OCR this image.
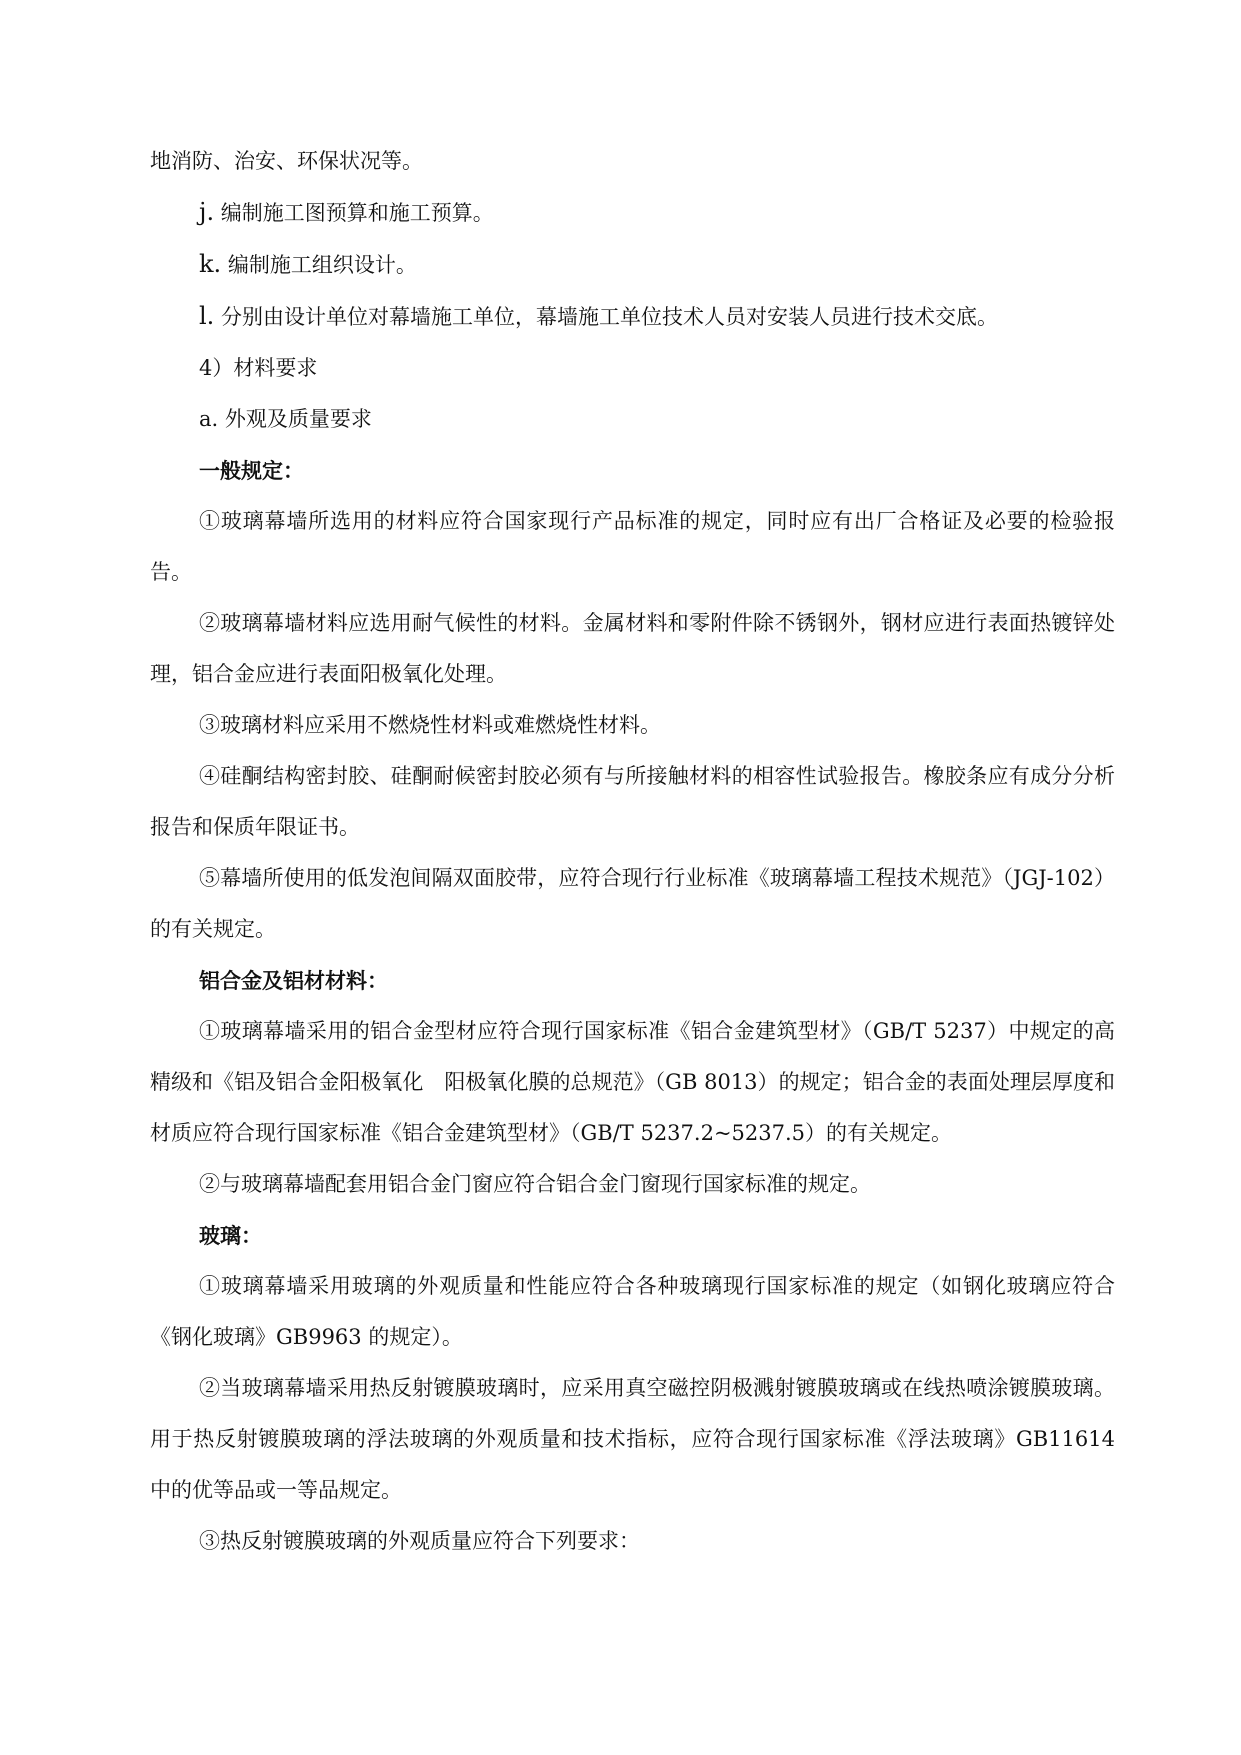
地消防、治安、环保状况等。

j. 编制施工图预算和施工预算。

k. 编制施工组织设计。

l. 分别由设计单位对幕墙施工单位，幕墙施工单位技术人员对安装人员进行技术交底。

4）材料要求

a. 外观及质量要求

一般规定：

①玻璃幕墙所选用的材料应符合国家现行产品标准的规定，同时应有出厂合格证及必要的检验报告。

②玻璃幕墙材料应选用耐气候性的材料。金属材料和零附件除不锈钢外，钢材应进行表面热镀锌处理，铝合金应进行表面阳极氧化处理。

③玻璃材料应采用不燃烧性材料或难燃烧性材料。

④硅酮结构密封胶、硅酮耐候密封胶必须有与所接触材料的相容性试验报告。橡胶条应有成分分析报告和保质年限证书。

⑤幕墙所使用的低发泡间隔双面胶带，应符合现行行业标准《玻璃幕墙工程技术规范》（JGJ-102）的有关规定。

铝合金及铝材材料：

①玻璃幕墙采用的铝合金型材应符合现行国家标准《铝合金建筑型材》（GB/T 5237）中规定的高精级和《铝及铝合金阳极氧化　阳极氧化膜的总规范》（GB 8013）的规定；铝合金的表面处理层厚度和材质应符合现行国家标准《铝合金建筑型材》（GB/T 5237.2~5237.5）的有关规定。

②与玻璃幕墙配套用铝合金门窗应符合铝合金门窗现行国家标准的规定。

玻璃：

①玻璃幕墙采用玻璃的外观质量和性能应符合各种玻璃现行国家标准的规定（如钢化玻璃应符合《钢化玻璃》GB9963 的规定）。

②当玻璃幕墙采用热反射镀膜玻璃时，应采用真空磁控阴极溅射镀膜玻璃或在线热喷涂镀膜玻璃。用于热反射镀膜玻璃的浮法玻璃的外观质量和技术指标，应符合现行国家标准《浮法玻璃》GB11614 中的优等品或一等品规定。

③热反射镀膜玻璃的外观质量应符合下列要求：
